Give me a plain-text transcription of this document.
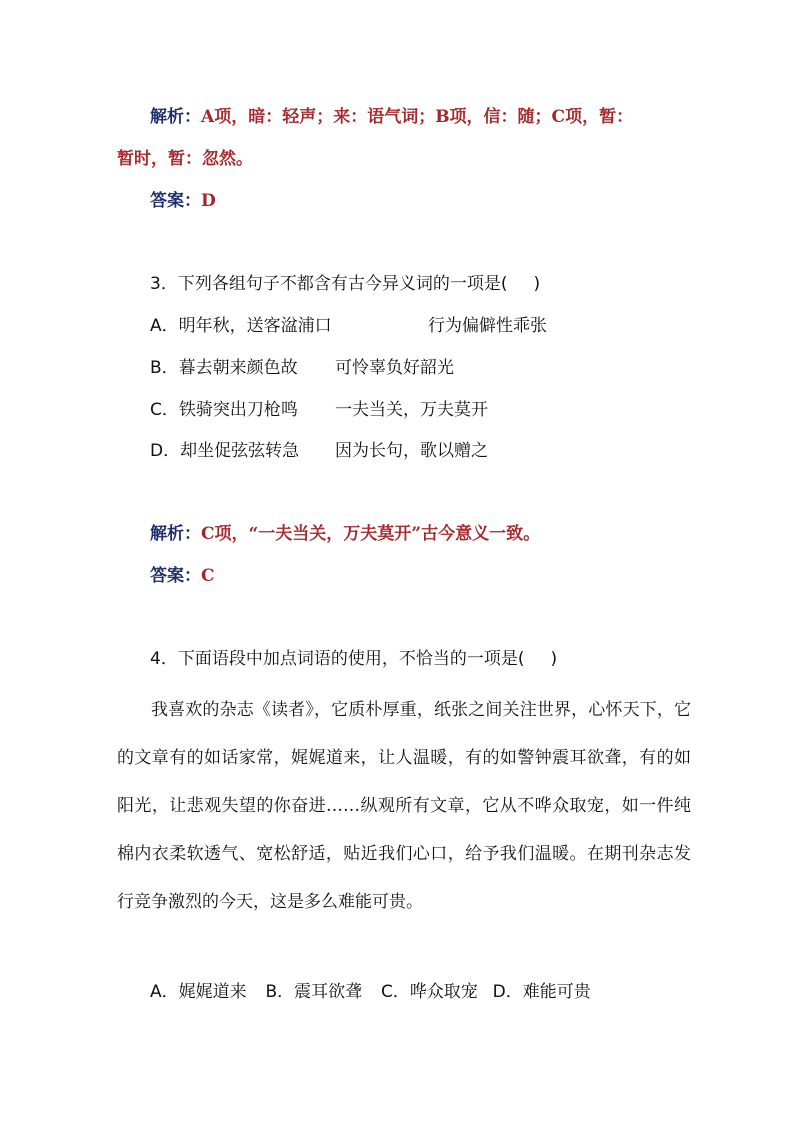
解析：A项，暗：轻声；来：语气词；B项，信：随；C项，暂：
暂时，暂：忽然。
答案：D
3．下列各组句子不都含有古今异义词的一项是( )
A．明年秋，送客湓浦口	行为偏僻性乖张
B．暮去朝来颜色故 可怜辜负好韶光
C．铁骑突出刀枪鸣 一夫当关，万夫莫开
D．却坐促弦弦转急 因为长句，歌以赠之
解析：C项，“一夫当关，万夫莫开”古今意义一致。
答案：C
4．下面语段中加点词语的使用，不恰当的一项是( )
我喜欢的杂志《读者》，它质朴厚重，纸张之间关注世界，心怀天下，它的文章有的如话家常，娓娓道来，让人温暖，有的如警钟震耳欲聋，有的如阳光，让悲观失望的你奋进……纵观所有文章，它从不哗众取宠，如一件纯棉内衣柔软透气、宽松舒适，贴近我们心口，给予我们温暖。在期刊杂志发行竞争激烈的今天，这是多么难能可贵。
A．娓娓道来 B．震耳欲聋 C．哗众取宠 D．难能可贵
